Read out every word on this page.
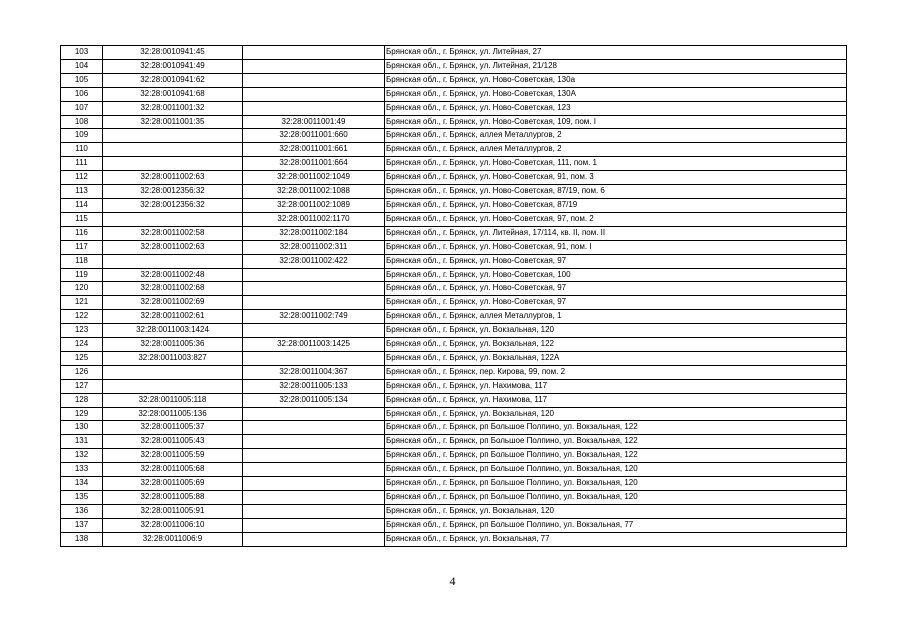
103	32:28:0010941:45		Брянская обл., г. Брянск, ул. Литейная, 27
104	32:28:0010941:49		Брянская обл., г. Брянск, ул. Литейная, 21/128
105	32:28:0010941:62		Брянская обл., г. Брянск, ул. Ново-Советская, 130а
106	32:28:0010941:68		Брянская обл., г. Брянск, ул. Ново-Советская, 130А
107	32:28:0011001:32		Брянская обл., г. Брянск, ул. Ново-Советская, 123
108	32:28:0011001:35	32:28:0011001:49	Брянская обл., г. Брянск, ул. Ново-Советская, 109, пом. I
109		32:28:0011001:660	Брянская обл., г. Брянск, аллея Металлургов, 2
110		32:28:0011001:661	Брянская обл., г. Брянск, аллея Металлургов, 2
111		32:28:0011001:664	Брянская обл., г. Брянск, ул. Ново-Советская, 111, пом. 1
112	32:28:0011002:63	32:28:0011002:1049	Брянская обл., г. Брянск, ул. Ново-Советская, 91, пом. 3
113	32:28:0012356:32	32:28:0011002:1088	Брянская обл., г. Брянск, ул. Ново-Советская, 87/19, пом. 6
114	32:28:0012356:32	32:28:0011002:1089	Брянская обл., г. Брянск, ул. Ново-Советская, 87/19
115		32:28:0011002:1170	Брянская обл., г. Брянск, ул. Ново-Советская, 97, пом. 2
116	32:28:0011002:58	32:28:0011002:184	Брянская обл., г. Брянск, ул. Литейная, 17/114, кв. II, пом. II
117	32:28:0011002:63	32:28:0011002:311	Брянская обл., г. Брянск, ул. Ново-Советская, 91, пом. I
118		32:28:0011002:422	Брянская обл., г. Брянск, ул. Ново-Советская, 97
119	32:28:0011002:48		Брянская обл., г. Брянск, ул. Ново-Советская, 100
120	32:28:0011002:68		Брянская обл., г. Брянск, ул. Ново-Советская, 97
121	32:28:0011002:69		Брянская обл., г. Брянск, ул. Ново-Советская, 97
122	32:28:0011002:61	32:28:0011002:749	Брянская обл., г. Брянск, аллея Металлургов, 1
123	32:28:0011003:1424		Брянская обл., г. Брянск, ул. Вокзальная, 120
124	32:28:0011005:36	32:28:0011003:1425	Брянская обл., г. Брянск, ул. Вокзальная, 122
125	32:28:0011003:827		Брянская обл., г. Брянск, ул. Вокзальная, 122А
126		32:28:0011004:367	Брянская обл., г. Брянск, пер. Кирова, 99, пом. 2
127		32:28:0011005:133	Брянская обл., г. Брянск, ул. Нахимова, 117
128	32:28:0011005:118	32:28:0011005:134	Брянская обл., г. Брянск, ул. Нахимова, 117
129	32:28:0011005:136		Брянская обл., г. Брянск, ул. Вокзальная, 120
130	32:28:0011005:37		Брянская обл., г. Брянск, рп Большое Полпино, ул. Вокзальная, 122
131	32:28:0011005:43		Брянская обл., г. Брянск, рп Большое Полпино, ул. Вокзальная, 122
132	32:28:0011005:59		Брянская обл., г. Брянск, рп Большое Полпино, ул. Вокзальная, 122
133	32:28:0011005:68		Брянская обл., г. Брянск, рп Большое Полпино, ул. Вокзальная, 120
134	32:28:0011005:69		Брянская обл., г. Брянск, рп Большое Полпино, ул. Вокзальная, 120
135	32:28:0011005:88		Брянская обл., г. Брянск, рп Большое Полпино, ул. Вокзальная, 120
136	32:28:0011005:91		Брянская обл., г. Брянск, ул. Вокзальная, 120
137	32:28:0011006:10		Брянская обл., г. Брянск, рп Большое Полпино, ул. Вокзальная, 77
138	32:28:0011006:9		Брянская обл., г. Брянск, ул. Вокзальная, 77
4
